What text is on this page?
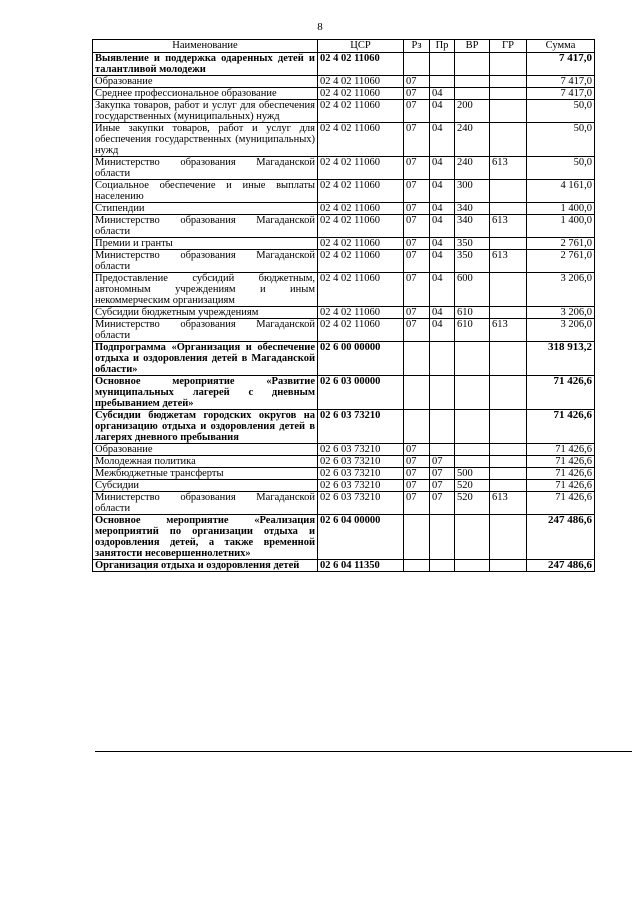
8
Наименование	ЦСР	Рз	Пр	ВР	ГР	Сумма
Выявление и поддержка одаренных детей и талантливой молодежи	02 4 02 11060					7 417,0
Образование	02 4 02 11060	07				7 417,0
Среднее профессиональное образование	02 4 02 11060	07	04			7 417,0
Закупка товаров, работ и услуг для обеспечения государственных (муниципальных) нужд	02 4 02 11060	07	04	200		50,0
Иные закупки товаров, работ и услуг для обеспечения государственных (муниципальных) нужд	02 4 02 11060	07	04	240		50,0
Министерство образования Магаданской области	02 4 02 11060	07	04	240	613	50,0
Социальное обеспечение и иные выплаты населению	02 4 02 11060	07	04	300		4 161,0
Стипендии	02 4 02 11060	07	04	340		1 400,0
Министерство образования Магаданской области	02 4 02 11060	07	04	340	613	1 400,0
Премии и гранты	02 4 02 11060	07	04	350		2 761,0
Министерство образования Магаданской области	02 4 02 11060	07	04	350	613	2 761,0
Предоставление субсидий бюджетным, автономным учреждениям и иным некоммерческим организациям	02 4 02 11060	07	04	600		3 206,0
Субсидии бюджетным учреждениям	02 4 02 11060	07	04	610		3 206,0
Министерство образования Магаданской области	02 4 02 11060	07	04	610	613	3 206,0
Подпрограмма «Организация и обеспечение отдыха и оздоровления детей в Магаданской области»	02 6 00 00000					318 913,2
Основное мероприятие «Развитие муниципальных лагерей с дневным пребыванием детей»	02 6 03 00000					71 426,6
Субсидии бюджетам городских округов на организацию отдыха и оздоровления детей в лагерях дневного пребывания	02 6 03 73210					71 426,6
Образование	02 6 03 73210	07				71 426,6
Молодежная политика	02 6 03 73210	07	07			71 426,6
Межбюджетные трансферты	02 6 03 73210	07	07	500		71 426,6
Субсидии	02 6 03 73210	07	07	520		71 426,6
Министерство образования Магаданской области	02 6 03 73210	07	07	520	613	71 426,6
Основное мероприятие «Реализация мероприятий по организации отдыха и оздоровления детей, а также временной занятости несовершеннолетних»	02 6 04 00000					247 486,6
Организация отдыха и оздоровления детей	02 6 04 11350					247 486,6
